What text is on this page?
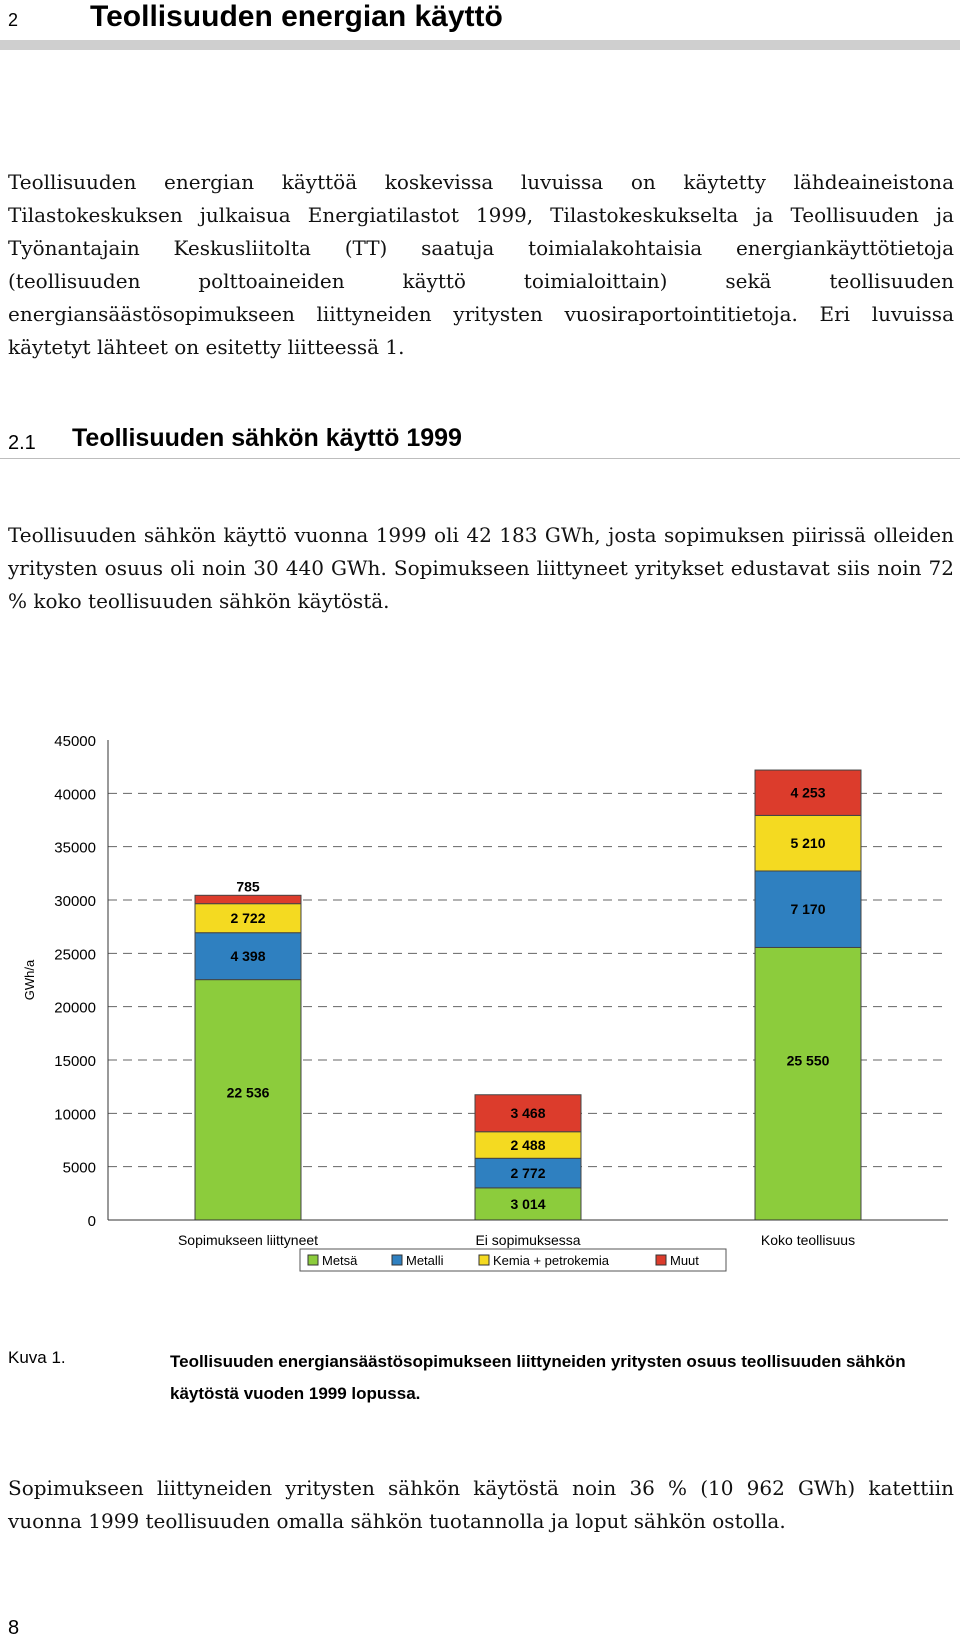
2 Teollisuuden energian käyttö

Teollisuuden energian käyttöä koskevissa luvuissa on käytetty lähdeaineistona Tilastokeskuksen julkaisua Energiatilastot 1999, Tilastokeskukselta ja Teollisuuden ja Työnantajain Keskusliitolta (TT) saatuja toimialakohtaisia energiankäyttötietoja (teollisuuden polttoaineiden käyttö toimialoittain) sekä teollisuuden energiansäästösopimukseen liittyneiden yritysten vuosiraportointitietoja. Eri luvuissa käytetyt lähteet on esitetty liitteessä 1.

2.1 Teollisuuden sähkön käyttö 1999

Teollisuuden sähkön käyttö vuonna 1999 oli 42 183 GWh, josta sopimuksen piirissä olleiden yritysten osuus oli noin 30 440 GWh. Sopimukseen liittyneet yritykset edustavat siis noin 72 % koko teollisuuden sähkön käytöstä.

22 536
4 398
2 722
785
3 014
2 772
2 488
3 468
25 550
7 170
5 210
4 253
0
5000
10000
15000
20000
25000
30000
35000
40000
45000
GWh/a
Sopimukseen liittyneet	Ei sopimuksessa	Koko teollisuus
Metsä	Metalli	Kemia + petrokemia	Muut
Kuva 1.	Teollisuuden energiansäästösopimukseen liittyneiden yritysten osuus teollisuuden sähkön käytöstä vuoden 1999 lopussa.

Sopimukseen liittyneiden yritysten sähkön käytöstä noin 36 % (10 962 GWh) katettiin vuonna 1999 teollisuuden omalla sähkön tuotannolla ja loput sähkön ostolla.

8
